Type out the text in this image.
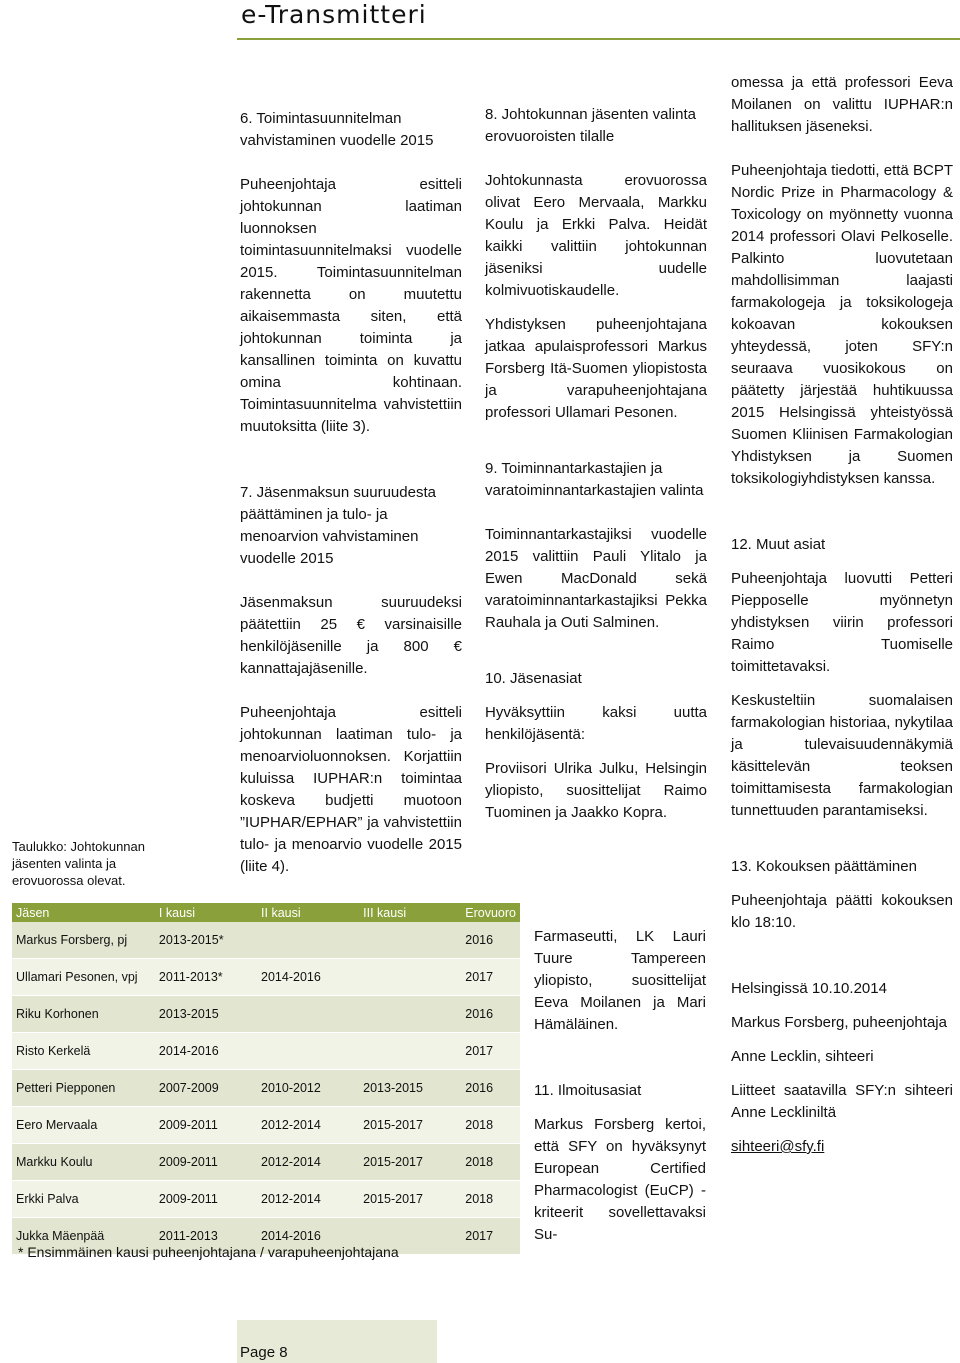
e-Transmitteri
6. Toimintasuunnitelman vahvistaminen vuodelle 2015

Puheenjohtaja esitteli johtokunnan laatiman luonnoksen toimintasuunnitelmaksi vuodelle 2015. Toimintasuunnitelman rakennetta on muutettu aikaisemmasta siten, että johtokunnan toiminta ja kansallinen toiminta on kuvattu omina kohtinaan. Toimintasuunnitelma vahvistettiin muutoksitta (liite 3).

7. Jäsenmaksun suuruudesta päättäminen ja tulo- ja menoarvion vahvistaminen vuodelle 2015

Jäsenmaksun suuruudeksi päätettiin 25 € varsinaisille henkilöjäsenille ja 800 € kannattajajäsenille.

Puheenjohtaja esitteli johtokunnan laatiman tulo- ja menoarvioluonnoksen. Korjattiin kuluissa IUPHAR:n toimintaa koskeva budjetti muotoon ”IUPHAR/EPHAR” ja vahvistettiin tulo- ja menoarvio vuodelle 2015 (liite 4).

8. Johtokunnan jäsenten valinta erovuoroisten tilalle

Johtokunnasta erovuorossa olivat Eero Mervaala, Markku Koulu ja Erkki Palva. Heidät kaikki valittiin johtokunnan jäseniksi uudelle kolmivuotiskaudelle.

Yhdistyksen puheenjohtajana jatkaa apulaisprofessori Markus Forsberg Itä-Suomen yliopistosta ja varapuheenjohtajana professori Ullamari Pesonen.

9. Toiminnantarkastajien ja varatoiminnantarkastajien valinta

Toiminnantarkastajiksi vuodelle 2015 valittiin Pauli Ylitalo ja Ewen MacDonald sekä varatoiminnantarkastajiksi Pekka Rauhala ja Outi Salminen.

10. Jäsenasiat

Hyväksyttiin kaksi uutta henkilöjäsentä:

Proviisori Ulrika Julku, Helsingin yliopisto, suosittelijat Raimo Tuominen ja Jaakko Kopra.

Farmaseutti, LK Lauri Tuure Tampereen yliopisto, suosittelijat Eeva Moilanen ja Mari Hämäläinen.

11. Ilmoitusasiat

Markus Forsberg kertoi, että SFY on hyväksynyt European Certified Pharmacologist (EuCP) -kriteerit sovellettavaksi Su-

omessa ja että professori Eeva Moilanen on valittu IUPHAR:n hallituksen jäseneksi.

Puheenjohtaja tiedotti, että BCPT Nordic Prize in Pharmacology & Toxicology on myönnetty vuonna 2014 professori Olavi Pelkoselle. Palkinto luovutetaan mahdollisimman laajasti farmakologeja ja toksikologeja kokoavan kokouksen yhteydessä, joten SFY:n seuraava vuosikokous on päätetty järjestää huhtikuussa 2015 Helsingissä yhteistyössä Suomen Kliinisen Farmakologian Yhdistyksen ja Suomen toksikologiyhdistyksen kanssa.

12. Muut asiat

Puheenjohtaja luovutti Petteri Piepposelle myönnetyn yhdistyksen viirin professori Raimo Tuomiselle toimittetavaksi.

Keskusteltiin suomalaisen farmakologian historiaa, nykytilaa ja tulevaisuudennäkymiä käsittelevän teoksen toimittamisesta farmakologian tunnettuuden parantamiseksi.

13. Kokouksen päättäminen

Puheenjohtaja päätti kokouksen klo 18:10.

Helsingissä 10.10.2014

Markus Forsberg, puheenjohtaja

Anne Lecklin, sihteeri

Liitteet saatavilla SFY:n sihteeri Anne Leckliniltä

sihteeri@sfy.fi

Taulukko: Johtokunnan jäsenten valinta ja erovuorossa olevat.
Jäsen	I kausi	II kausi	III kausi	Erovuoro
Markus Forsberg, pj	2013-2015*			2016
Ullamari Pesonen, vpj	2011-2013*	2014-2016		2017
Riku Korhonen	2013-2015			2016
Risto Kerkelä	2014-2016			2017
Petteri Piepponen	2007-2009	2010-2012	2013-2015	2016
Eero Mervaala	2009-2011	2012-2014	2015-2017	2018
Markku Koulu	2009-2011	2012-2014	2015-2017	2018
Erkki Palva	2009-2011	2012-2014	2015-2017	2018
Jukka Mäenpää	2011-2013	2014-2016		2017
* Ensimmäinen kausi puheenjohtajana / varapuheenjohtajana
Page 8
